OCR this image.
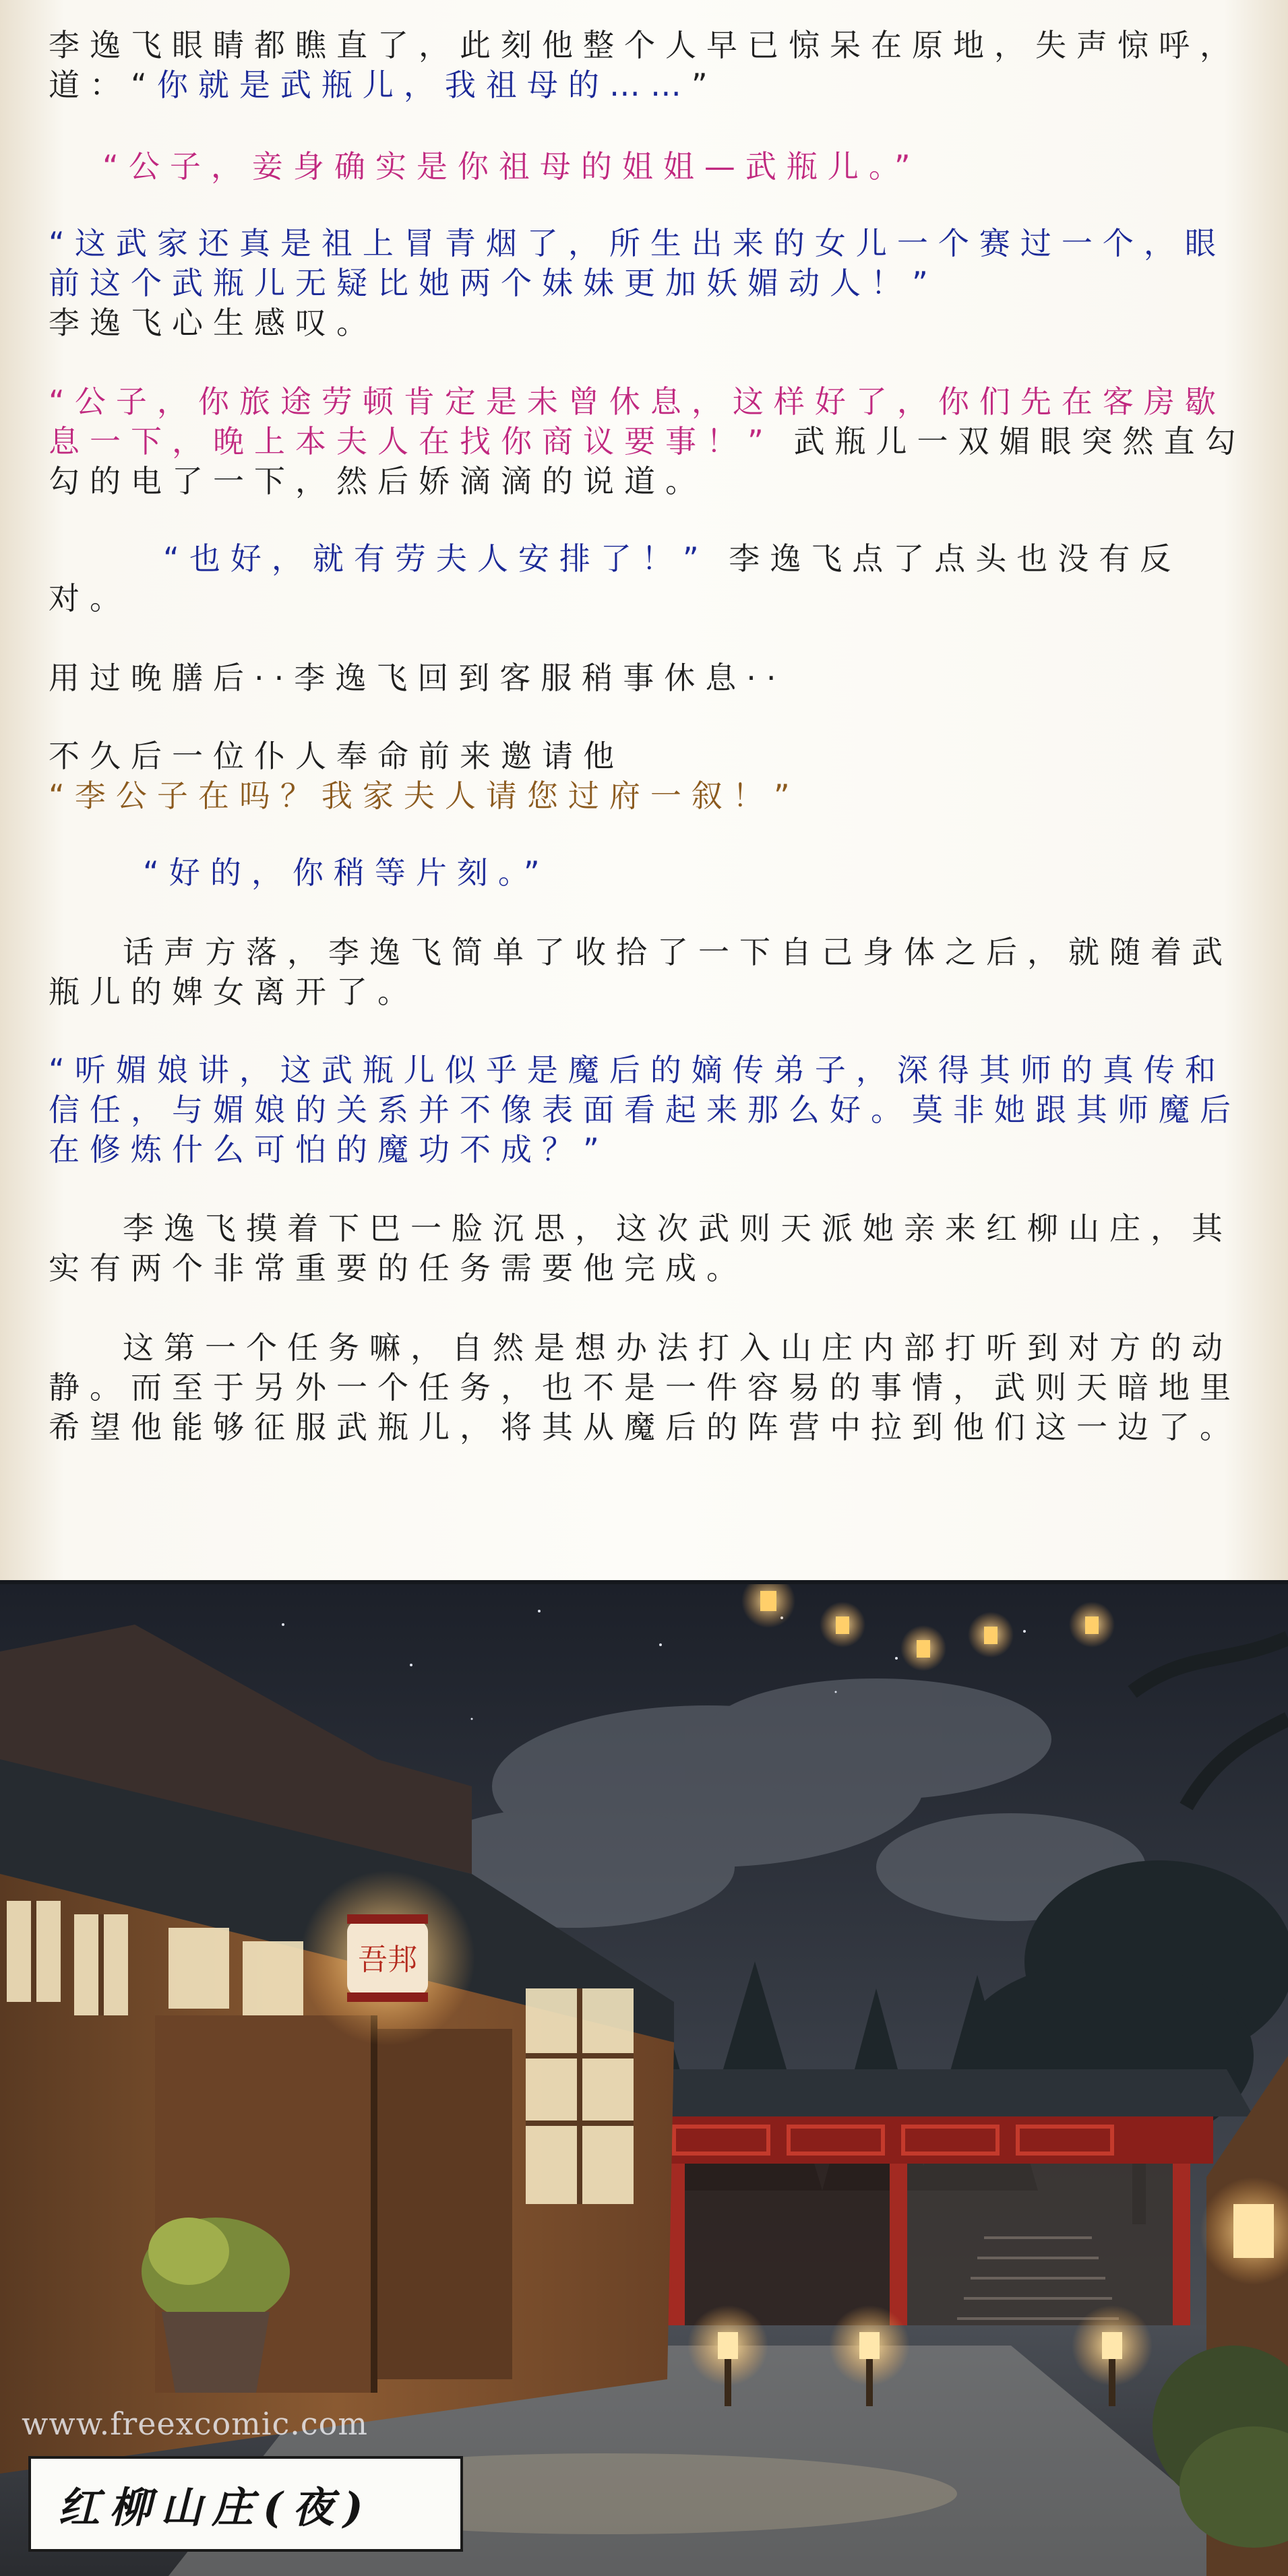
李逸飞眼睛都瞧直了，此刻他整个人早已惊呆在原地，失声惊呼，道：“你就是武瓶儿，我祖母的……”

“公子，妾身确实是你祖母的姐姐—武瓶儿。”

“这武家还真是祖上冒青烟了，所生出来的女儿一个赛过一个，眼前这个武瓶儿无疑比她两个妹妹更加妖媚动人！”
李逸飞心生感叹。

“公子，你旅途劳顿肯定是未曾休息，这样好了，你们先在客房歇息一下，晚上本夫人在找你商议要事！” 武瓶儿一双媚眼突然直勾勾的电了一下，然后娇滴滴的说道。

“也好，就有劳夫人安排了！” 李逸飞点了点头也没有反对。

用过晚膳后··李逸飞回到客服稍事休息··

不久后一位仆人奉命前来邀请他
“李公子在吗？我家夫人请您过府一叙！”

“好的，你稍等片刻。”

话声方落，李逸飞简单了收拾了一下自己身体之后，就随着武瓶儿的婢女离开了。

“听媚娘讲，这武瓶儿似乎是魔后的嫡传弟子，深得其师的真传和信任，与媚娘的关系并不像表面看起来那么好。莫非她跟其师魔后在修炼什么可怕的魔功不成？”

李逸飞摸着下巴一脸沉思，这次武则天派她亲来红柳山庄，其实有两个非常重要的任务需要他完成。

这第一个任务嘛，自然是想办法打入山庄内部打听到对方的动静。而至于另外一个任务，也不是一件容易的事情，武则天暗地里希望他能够征服武瓶儿，将其从魔后的阵营中拉到他们这一边了。

吾邦
www.freexcomic.com
红柳山庄(夜)
